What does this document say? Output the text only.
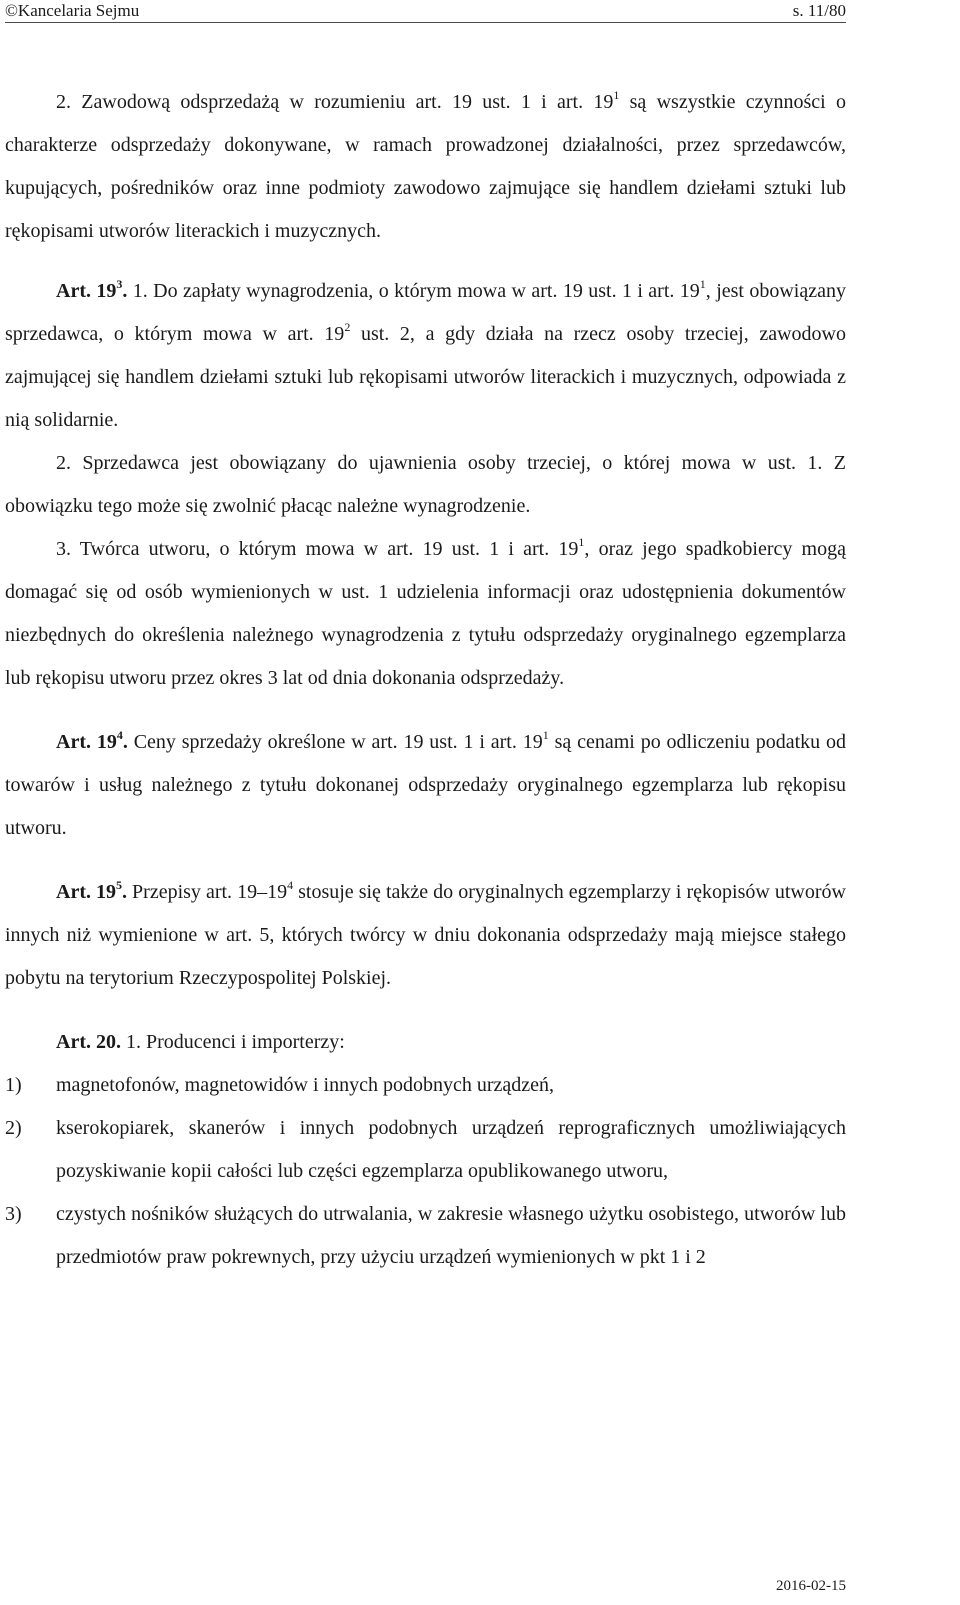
©Kancelaria Sejmu	s. 11/80

2. Zawodową odsprzedażą w rozumieniu art. 19 ust. 1 i art. $19^1$ są wszystkie czynności o charakterze odsprzedaży dokonywane, w ramach prowadzonej działalności, przez sprzedawców, kupujących, pośredników oraz inne podmioty zawodowo zajmujące się handlem dziełami sztuki lub rękopisami utworów literackich i muzycznych.

Art. $19^3$. 1. Do zapłaty wynagrodzenia, o którym mowa w art. 19 ust. 1 i art. $19^1$, jest obowiązany sprzedawca, o którym mowa w art. $19^2$ ust. 2, a gdy działa na rzecz osoby trzeciej, zawodowo zajmującej się handlem dziełami sztuki lub rękopisami utworów literackich i muzycznych, odpowiada z nią solidarnie.

2. Sprzedawca jest obowiązany do ujawnienia osoby trzeciej, o której mowa w ust. 1. Z obowiązku tego może się zwolnić płacąc należne wynagrodzenie.

3. Twórca utworu, o którym mowa w art. 19 ust. 1 i art. $19^1$, oraz jego spadkobiercy mogą domagać się od osób wymienionych w ust. 1 udzielenia informacji oraz udostępnienia dokumentów niezbędnych do określenia należnego wynagrodzenia z tytułu odsprzedaży oryginalnego egzemplarza lub rękopisu utworu przez okres 3 lat od dnia dokonania odsprzedaży.

Art. $19^4$. Ceny sprzedaży określone w art. 19 ust. 1 i art. $19^1$ są cenami po odliczeniu podatku od towarów i usług należnego z tytułu dokonanej odsprzedaży oryginalnego egzemplarza lub rękopisu utworu.

Art. $19^5$. Przepisy art. $19-19^4$ stosuje się także do oryginalnych egzemplarzy i rękopisów utworów innych niż wymienione w art. 5, których twórcy w dniu dokonania odsprzedaży mają miejsce stałego pobytu na terytorium Rzeczypospolitej Polskiej.

Art. 20. 1. Producenci i importerzy:

1) magnetofonów, magnetowidów i innych podobnych urządzeń,
2) kserokopiarek, skanerów i innych podobnych urządzeń reprograficznych umożliwiających pozyskiwanie kopii całości lub części egzemplarza opublikowanego utworu,
3) czystych nośników służących do utrwalania, w zakresie własnego użytku osobistego, utworów lub przedmiotów praw pokrewnych, przy użyciu urządzeń wymienionych w pkt 1 i 2
2016-02-15
